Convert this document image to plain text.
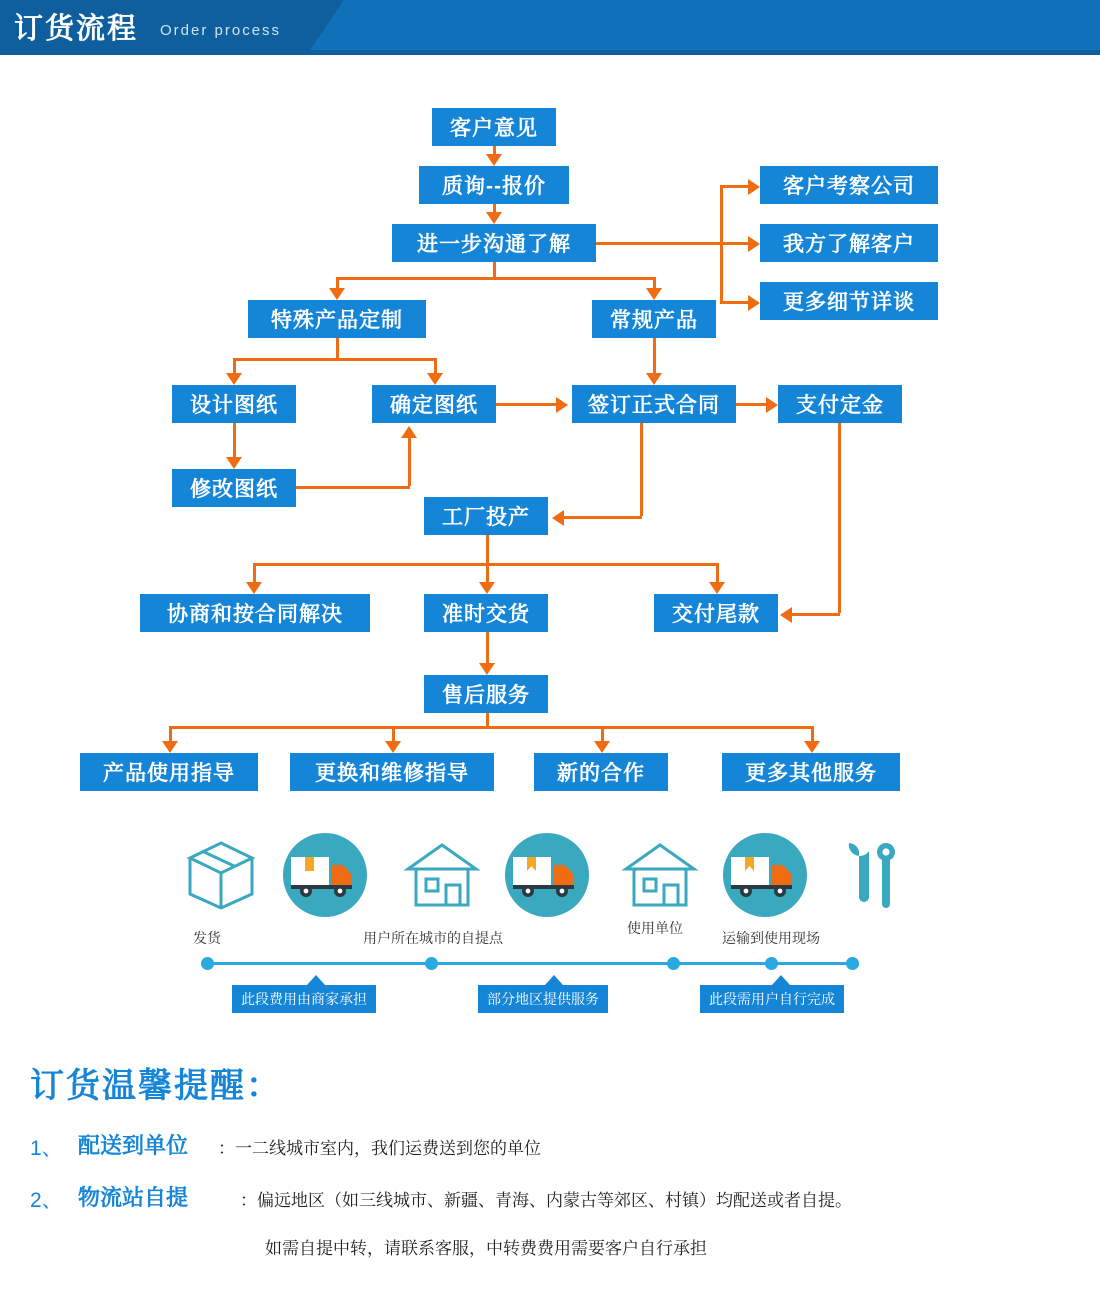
订货流程 Order process
客户意见
质询--报价
进一步沟通了解
客户考察公司
我方了解客户
更多细节详谈
特殊产品定制	常规产品
设计图纸	确定图纸	签订正式合同	支付定金
修改图纸
工厂投产
协商和按合同解决	准时交货	交付尾款
售后服务
产品使用指导	更换和维修指导	新的合作	更多其他服务
发货	用户所在城市的自提点
使用单位
运输到使用现场
此段费用由商家承担	部分地区提供服务	此段需用户自行完成
订货温馨提醒：
1、 配送到单位 ：一二线城市室内，我们运费送到您的单位
2、 物流站自提	：偏远地区（如三线城市、新疆、青海、内蒙古等郊区、村镇）均配送或者自提。
如需自提中转，请联系客服，中转费费用需要客户自行承担
